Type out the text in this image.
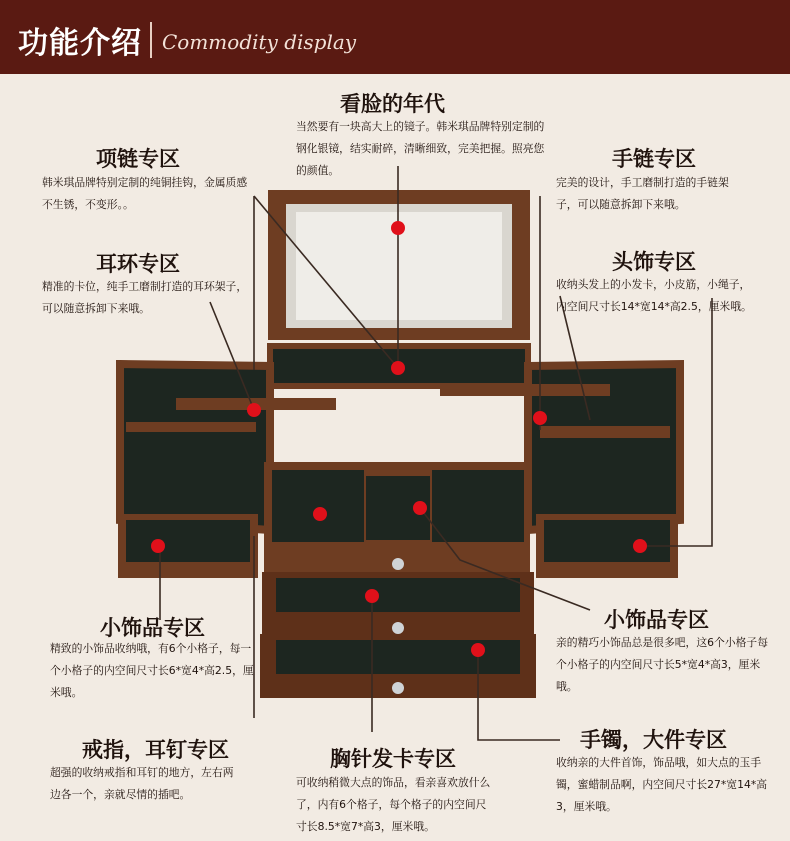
功能介绍 Commodity display
看脸的年代
当然要有一块高大上的镜子。韩米琪品牌特别定制的钢化银镜，结实耐碎，清晰细致，完美把握。照亮您的颜值。
项链专区
韩米琪品牌特别定制的纯铜挂钩，金属质感不生锈，不变形。。
手链专区
完美的设计，手工磨制打造的手链架子，可以随意拆卸下来哦。
耳环专区
精准的卡位，纯手工磨制打造的耳环架子，可以随意拆卸下来哦。
头饰专区
收纳头发上的小发卡，小皮筋，小绳子，内空间尺寸长14*宽14*高2.5，厘米哦。
小饰品专区
精致的小饰品收纳哦，有6个小格子，每一个小格子的内空间尺寸长6*宽4*高2.5，厘米哦。
小饰品专区
亲的精巧小饰品总是很多吧，这6个小格子每个小格子的内空间尺寸长5*宽4*高3，厘米哦。
戒指，耳钉专区
超强的收纳戒指和耳钉的地方，左右两边各一个，亲就尽情的插吧。
胸针发卡专区
可收纳稍微大点的饰品，看亲喜欢放什么了，内有6个格子，每个格子的内空间尺寸长8.5*宽7*高3，厘米哦。
手镯，大件专区
收纳亲的大件首饰，饰品哦，如大点的玉手镯，蜜蜡制品啊，内空间尺寸长27*宽14*高3，厘米哦。
